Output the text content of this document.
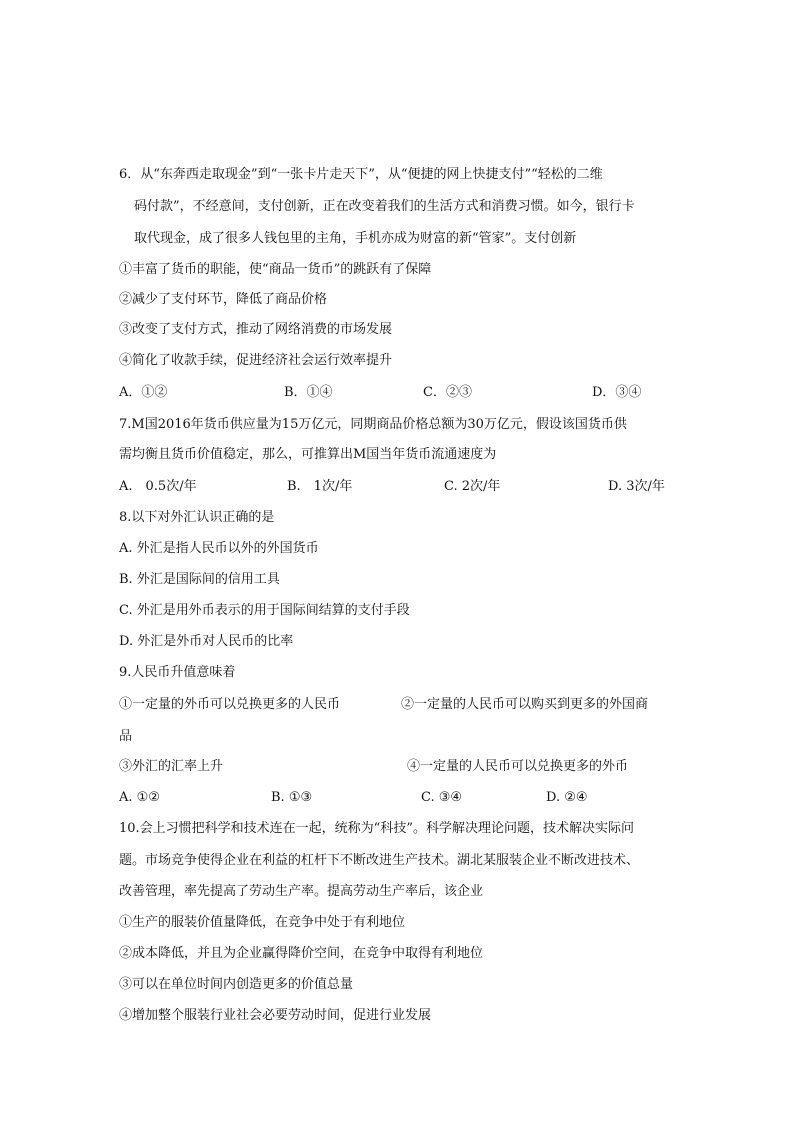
6．从“东奔西走取现金”到“一张卡片走天下”，从“便捷的网上快捷支付”“轻松的二维
码付款”，不经意间，支付创新，正在改变着我们的生活方式和消费习惯。如今，银行卡
取代现金，成了很多人钱包里的主角，手机亦成为财富的新“管家”。支付创新
①丰富了货币的职能，使“商品一货币”的跳跃有了保障
②减少了支付环节，降低了商品价格
③改变了支付方式，推动了网络消费的市场发展
④简化了收款手续，促进经济社会运行效率提升
A．①②	B．①④	C．②③	D．③④
7.M国2016年货币供应量为15万亿元，同期商品价格总额为30万亿元，假设该国货币供
需均衡且货币价值稳定，那么，可推算出M国当年货币流通速度为
A.　0.5次/年	B.　1次/年	C. 2次/年	D. 3次/年
8.以下对外汇认识正确的是
A. 外汇是指人民币以外的外国货币
B. 外汇是国际间的信用工具
C. 外汇是用外币表示的用于国际间结算的支付手段
D. 外汇是外币对人民币的比率
9.人民币升值意味着
①一定量的外币可以兑换更多的人民币	②一定量的人民币可以购买到更多的外国商
品
③外汇的汇率上升	④一定量的人民币可以兑换更多的外币
A. ①②	B. ①③	C. ③④	D. ②④
10.会上习惯把科学和技术连在一起，统称为“科技”。科学解决理论问题，技术解决实际问
题。市场竞争使得企业在利益的杠杆下不断改进生产技术。湖北某服装企业不断改进技术、
改善管理，率先提高了劳动生产率。提高劳动生产率后，该企业
①生产的服装价值量降低，在竞争中处于有利地位
②成本降低，并且为企业赢得降价空间，在竞争中取得有利地位
③可以在单位时间内创造更多的价值总量
④增加整个服装行业社会必要劳动时间，促进行业发展
